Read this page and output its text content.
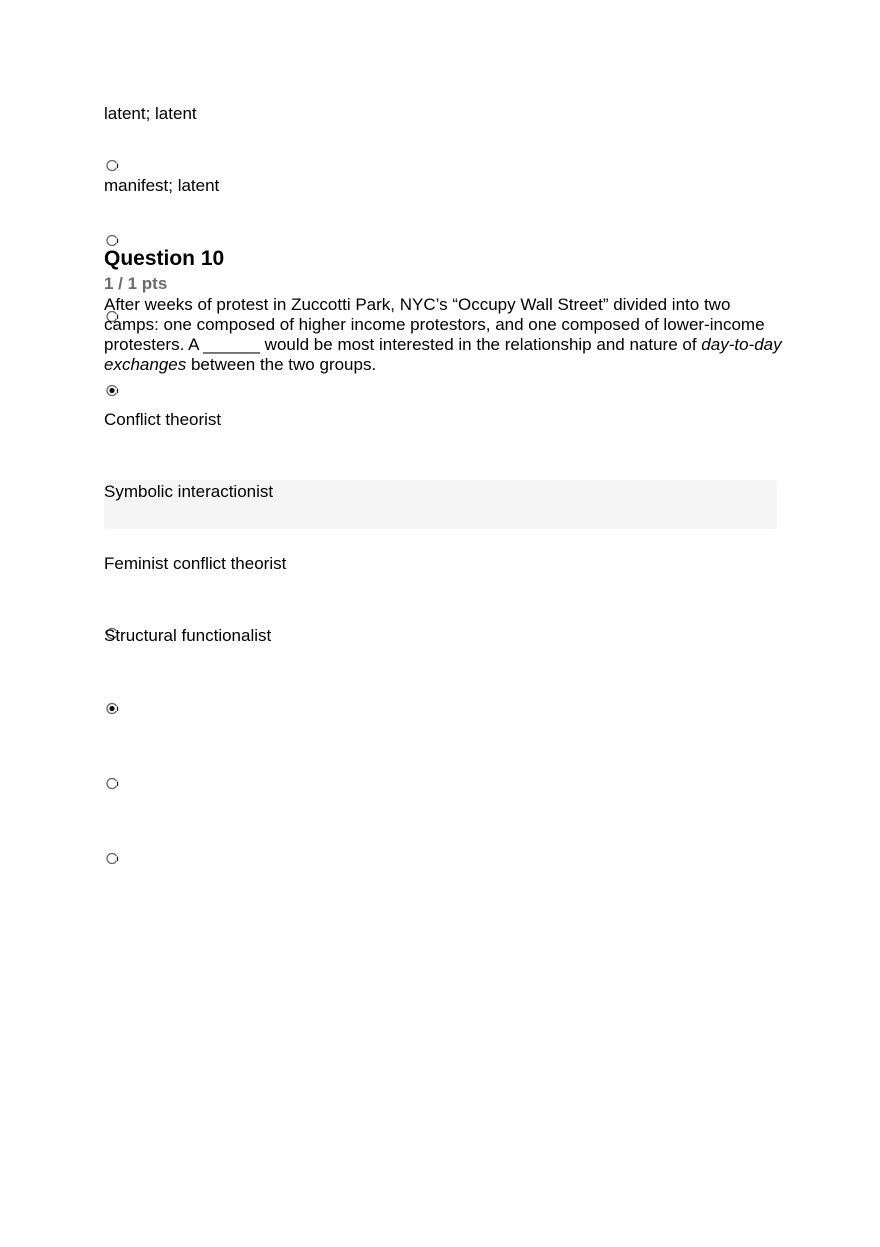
latent; latent
manifest; latent
Question 10
1 / 1 pts
After weeks of protest in Zuccotti Park, NYC’s “Occupy Wall Street” divided into two camps: one composed of higher income protestors, and one composed of lower-income protesters. A ______ would be most interested in the relationship and nature of day-to-day exchanges between the two groups.
Conflict theorist
Symbolic interactionist
Feminist conflict theorist
Structural functionalist
